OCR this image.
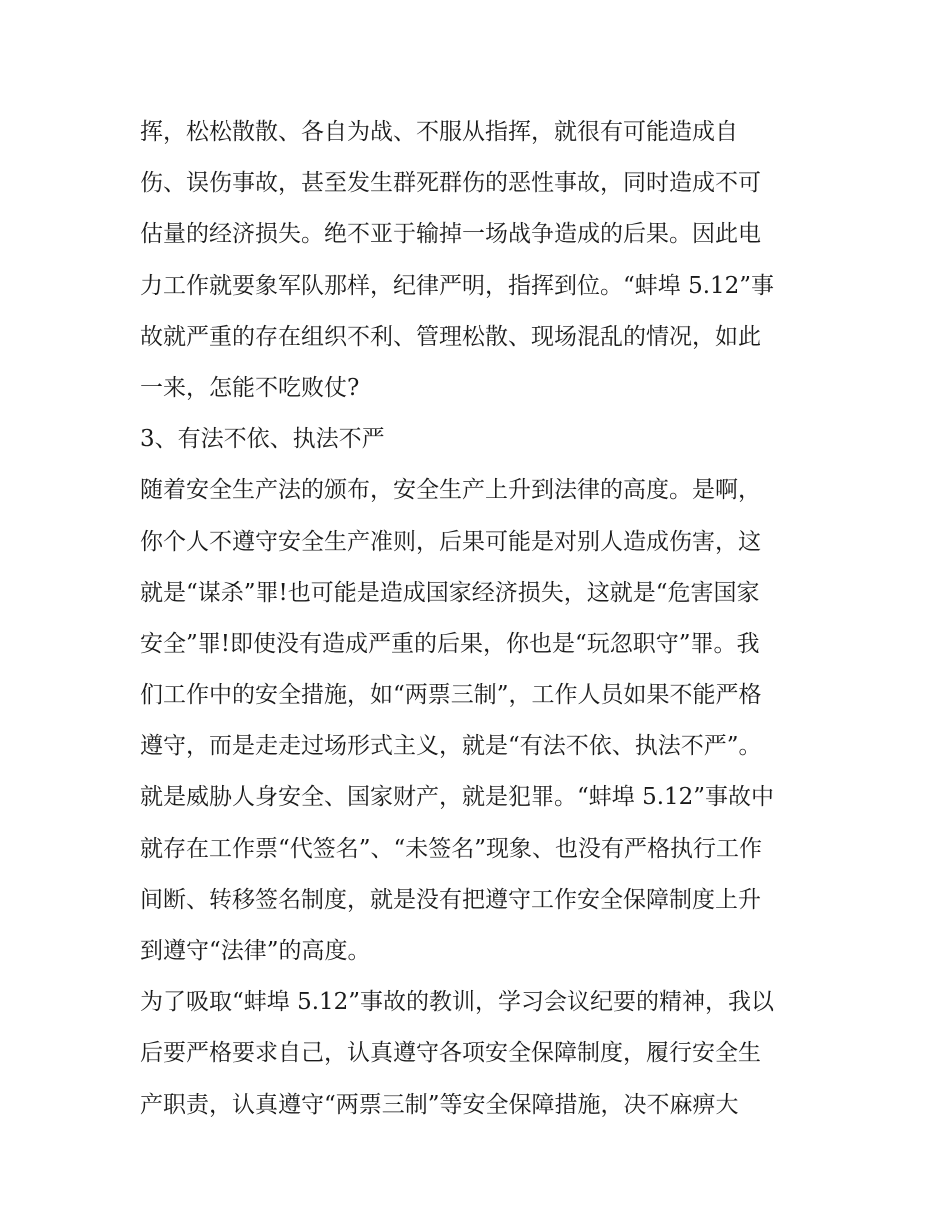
挥，松松散散、各自为战、不服从指挥，就很有可能造成自
伤、误伤事故，甚至发生群死群伤的恶性事故，同时造成不可
估量的经济损失。绝不亚于输掉一场战争造成的后果。因此电
力工作就要象军队那样，纪律严明，指挥到位。“蚌埠 5.12”事
故就严重的存在组织不利、管理松散、现场混乱的情况，如此
一来，怎能不吃败仗?
3、有法不依、执法不严
随着安全生产法的颁布，安全生产上升到法律的高度。是啊，
你个人不遵守安全生产准则，后果可能是对别人造成伤害，这
就是“谋杀”罪!也可能是造成国家经济损失，这就是“危害国家
安全”罪!即使没有造成严重的后果，你也是“玩忽职守”罪。我
们工作中的安全措施，如“两票三制”，工作人员如果不能严格
遵守，而是走走过场形式主义，就是“有法不依、执法不严”。
就是威胁人身安全、国家财产，就是犯罪。“蚌埠 5.12”事故中
就存在工作票“代签名”、“未签名”现象、也没有严格执行工作
间断、转移签名制度，就是没有把遵守工作安全保障制度上升
到遵守“法律”的高度。
为了吸取“蚌埠 5.12”事故的教训，学习会议纪要的精神，我以
后要严格要求自己，认真遵守各项安全保障制度，履行安全生
产职责，认真遵守“两票三制”等安全保障措施，决不麻痹大
